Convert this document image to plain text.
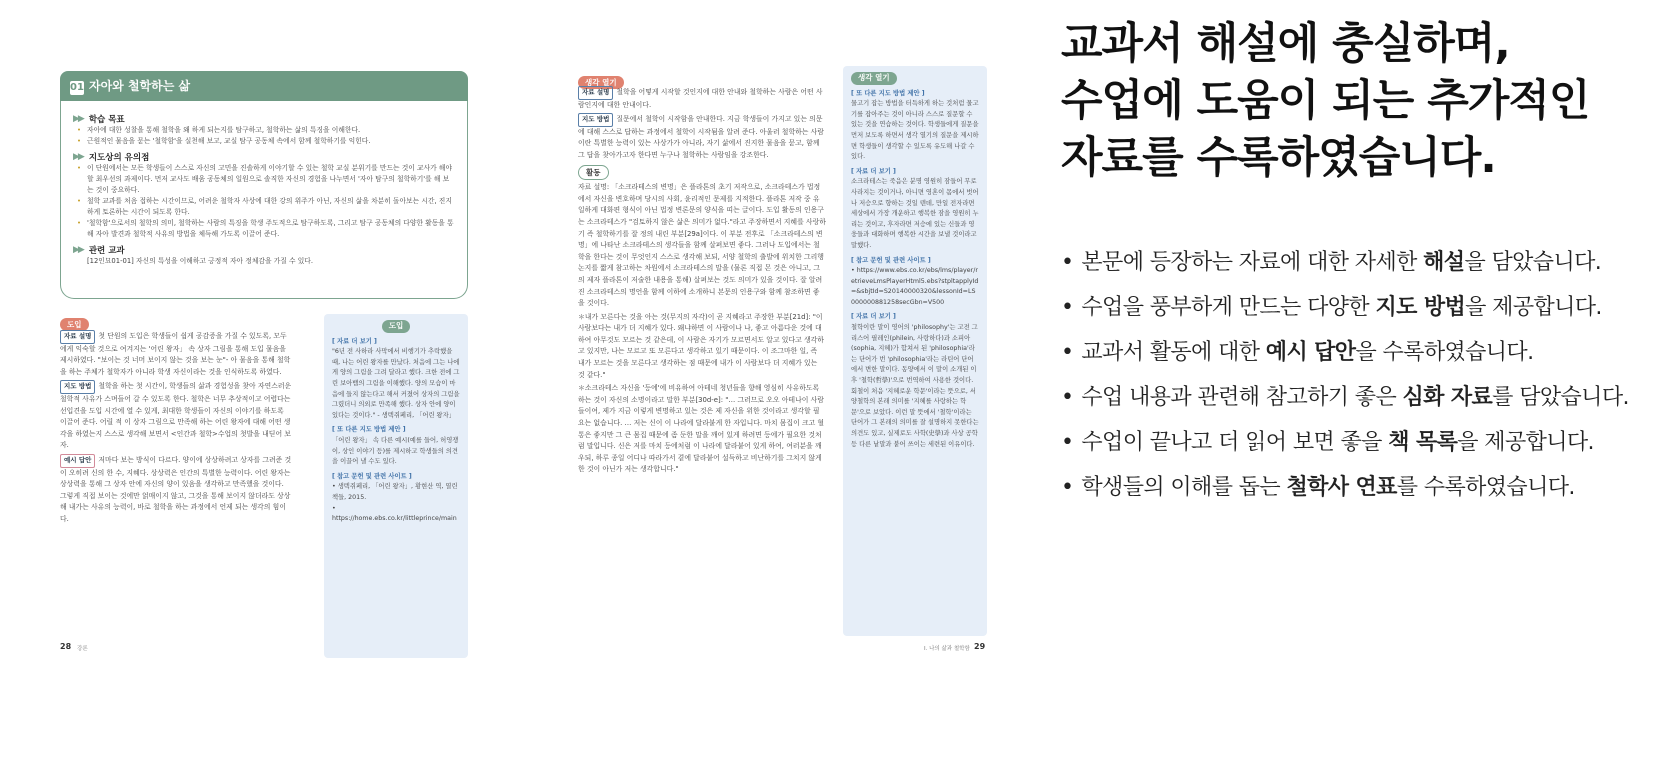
01 자아와 철학하는 삶
▶▶ 학습 목표
• 자아에 대한 성찰을 통해 철학을 왜 하게 되는지를 탐구하고, 철학하는 삶의 특징을 이해한다.
• 근원적인 물음을 묻는 '철학함'을 실천해 보고, 교실 탐구 공동체 속에서 함께 철학하기를 익힌다.
▶▶ 지도상의 유의점
• 이 단원에서는 모든 학생들이 스스로 자신의 고민을 진솔하게 이야기할 수 있는 철학 교실 분위기를 만드는 것이 교사가 해야 할 최우선의 과제이다. 먼저 교사도 배움 공동체의 일원으로 솔직한 자신의 경험을 나누면서 '자아 탐구의 철학하기'를 해 보는 것이 중요하다.
• 철학 교과를 처음 접하는 시간이므로, 어려운 철학자 사상에 대한 강의 위주가 아닌, 자신의 삶을 차분히 돌아보는 시간, 진지하게 토론하는 시간이 되도록 한다.
• '철학함'으로서의 철학의 의미, 철학하는 사람의 특징을 학생 주도적으로 탐구하도록, 그리고 탐구 공동체의 다양한 활동을 통해 자아 발견과 철학적 사유의 방법을 체득해 가도록 이끌어 준다.
▶▶ 관련 교과
[12인묘01-01] 자신의 특성을 이해하고 긍정적 자아 정체감을 가질 수 있다.
도입

자료 설명 첫 단원의 도입은 학생들이 쉽게 공감증을 가질 수 있도록, 모두에게 익숙할 것으로 여겨지는 '어린 왕자」 속 상자 그림을 통해 도입 물음을 제시하였다. "보이는 것 너머 보이지 않는 것을 보는 눈"- 아 물음을 통해 철학을 하는 주체가 철학자가 아니라 학생 자신이라는 것을 인식하도록 하였다.

지도 방법 철학을 하는 첫 시간이, 학생들의 삶과 경험성을 찾아 자연스러운 철학적 사유가 스며들어 갈 수 있도록 한다. 철학은 너무 추상적이고 어렵다는 선입견을 도입 시간에 열 수 있게, 최대한 학생들이 자신의 이야기를 하도록 이끌어 준다. 어릴 적 이 상자 그림으로 만족해 하는 어린 왕자에 대해 어떤 생각을 하였는지 스스로 생각해 보면서 <인간과 철학>수업의 첫발을 내딛어 보자.

예시 답안 저마다 보는 방식이 다르다. 양이에 상상하려고 상자를 그려준 것이 오히려 신의 한 수, 지혜다. 상상력은 인간의 특별한 능력이다. 어린 왕자는 상상력을 통해 그 상자 안에 자신의 양이 있음을 생각하고 만족했을 것이다. 그렇게 직접 보이는 것에만 얽매이지 않고, 그것을 통해 보이지 않더라도 상상해 내가는 사유의 능력이, 바로 철학을 하는 과정에서 언제 되는 생각의 힘이다.

도입
[ 자료 더 보기 ]
"6년 전 사하라 사막에서 비행기가 추락했을 때, 나는 어린 왕자를 만났다. 처음에 그는 나에게 양의 그림을 그려 달라고 했다. 크한 전에 그린 보아뱀의 그림을 이해했다. 양의 모습이 마음에 들지 않는다고 해서 커졌어 상자의 그림을 그렸더니 의외로 만족해 했다. 상자 안에 양이 있다는 것이다." - 생텍쥐페리, 「어린 왕자」
[ 또 다른 지도 방법 제안 ]
「어린 왕자」 속 다른 예시(예를 들어, 허영쟁이, 상인 이야기 등)를 제시하고 학생들의 의견을 이끌어 낼 수도 있다.
[ 참고 문헌 및 관련 사이트 ]
• 생텍쥐페리, 「어린 왕자」, 황현산 역, 열린책들, 2015.
• https://home.ebs.co.kr/littleprince/main
28 강론
생각 열기

자료 설명 철학을 어떻게 시작할 것인지에 대한 안내와 철학하는 사람은 어떤 사람인지에 대한 안내이다.

지도 방법 질문에서 철학이 시작함을 안내한다. 지금 학생들이 가지고 있는 의문에 대해 스스로 답하는 과정에서 철학이 시작됨을 알려 준다. 아울러 철학하는 사람이란 특별한 능력이 있는 사상가가 아니라, 자기 삶에서 진지한 물음을 묻고, 함께 그 답을 찾아가고자 한다면 누구나 철학하는 사람임을 강조한다.

활동

자료 설명: 「소크라테스의 변명」은 플라톤의 초기 저작으로, 소크라테스가 법정에서 자신을 변호하며 당시의 사회, 윤리적인 문제를 지적한다. 플라톤 저작 중 유일하게 대화편 형식이 아닌 법정 변론문의 양식을 띠는 글이다. 도입 활동의 인용구는 소크라테스가 "검토하지 않은 삶은 의미가 없다."라고 주장하면서 지혜를 사랑하기 즉 철학하기를 잘 정의 내린 부분[29a]이다. 이 부분 전후로 「소크라테스의 변명」에 나타난 소크라테스의 생각들을 함께 살펴보면 좋다. 그러나 도입에서는 철학을 한다는 것이 무엇인지 스스로 생각해 보되, 서양 철학의 출발에 위치한 그리행 논지를 짧게 참고하는 차원에서 소크라테스의 말을 (물론 직접 몬 것은 아니고, 그의 제자 플라톤이 저술한 내용을 통해) 살펴보는 것도 의미가 있을 것이다. 잘 알려진 소크라테스의 명언을 함께 이하에 소개하니 본문의 인용구와 함께 참조하면 좋을 것이다.

＊내가 모른다는 것을 아는 것(무지의 자각)이 곧 지혜라고 주장한 부분[21d]: "이 사람보다는 내가 더 지혜가 있다. 왜냐하면 이 사람이나 나, 좋고 아름다운 것에 대하여 아무것도 모르는 것 같은데, 이 사람은 자기가 모르면서도 알고 있다고 생각하고 있지만, 나는 모르고 또 모른다고 생각하고 있기 때문이다. 이 조그마한 일, 즉 내가 모르는 것을 모른다고 생각하는 점 때문에 내가 이 사람보다 더 지혜가 있는 것 같다."

＊소크라테스 자신을 '등에'에 비유하여 아테네 청년들을 향해 영심히 사유하도록 하는 것이 자신의 소명이라고 말한 부분[30d-e]: "… 그러므로 오오 아테나이 사람들이여, 제가 지금 이렇게 변명하고 있는 것은 제 자신을 위한 것이라고 생각할 필요는 없습니다. … 저는 신이 이 나라에 달라붙게 한 자입니다. 마치 몸집이 크고 혈통은 좋지만 그 큰 몸집 때문에 좀 둔한 말을 깨어 있게 하려면 등에가 필요한 것처럼 말입니다. 신은 저를 마치 등에처럼 이 나라에 달라붙어 있게 하여, 여러분을 깨우되, 하루 종일 어디나 따라가서 곁에 달라붙어 설득하고 비난하기를 그치지 않게 한 것이 아닌가 저는 생각합니다."

생각 열기
[ 또 다른 지도 방법 제안 ]
물고기 잡는 방법을 터득하게 하는 것처럼 물고기를 잡아주는 것이 아니라 스스로 질문할 수 있는 것을 연습하는 것이다. 학생들에게 질문을 먼저 보도록 하면서 생각 열기의 질문을 제시하면 학생들이 생각할 수 있도록 유도해 나갈 수 있다.
[ 자료 더 보기 ]
소크라테스는 죽음은 분명 영원히 잠들어 무로 사라지는 것이거나, 아니면 영혼이 몸에서 벗어나 저승으로 향하는 것일 텐데, 만일 전자라면 세상에서 가장 개운하고 행복한 잠을 영원히 누리는 것이고, 후자라면 저승에 있는 신들과 영웅들과 대화하며 행복한 시간을 보낼 것이라고 말했다.
[ 참고 문헌 및 관련 사이트 ]
• https://www.ebs.co.kr/ebs/lms/player/retrieveLmsPlayerHtml5.ebs?stpltapplyId=&sbjtId=S20140000320&lessonId=LS000000881258secGbn=V500
[ 자료 더 보기 ]
철학이란 말이 영어의 'philosophy'는 고전 그리스어 필레인(philein, 사랑하다)과 소피아(sophia, 지혜)가 합쳐서 된 'philosophia'라는 단어가 번 'philosophia'라는 라틴어 단어에서 변한 말이다. 동양에서 이 말이 소개된 이후 '철학(哲學)'으로 번역하여 사용한 것이다. 회철이 처음 '지혜로운 학문'이라는 뜻으로, 서양철학의 본래 의미를 '지혜를 사랑하는 학문'으로 보았다. 이런 말 뜻에서 '철학'이라는 단어가 그 본래의 의미를 잘 설명하지 못한다는 의견도 있고, 실제로도 사학(史學)과 사상 공학 등 다른 낱말과 붙어 쓰이는 세련된 이유이다.
I. 나의 삶과 철학함 29
교과서 해설에 충실하며,
수업에 도움이 되는 추가적인
자료를 수록하였습니다.
• 본문에 등장하는 자료에 대한 자세한 해설을 담았습니다.
• 수업을 풍부하게 만드는 다양한 지도 방법을 제공합니다.
• 교과서 활동에 대한 예시 답안을 수록하였습니다.
• 수업 내용과 관련해 참고하기 좋은 심화 자료를 담았습니다.
• 수업이 끝나고 더 읽어 보면 좋을 책 목록을 제공합니다.
• 학생들의 이해를 돕는 철학사 연표를 수록하였습니다.
